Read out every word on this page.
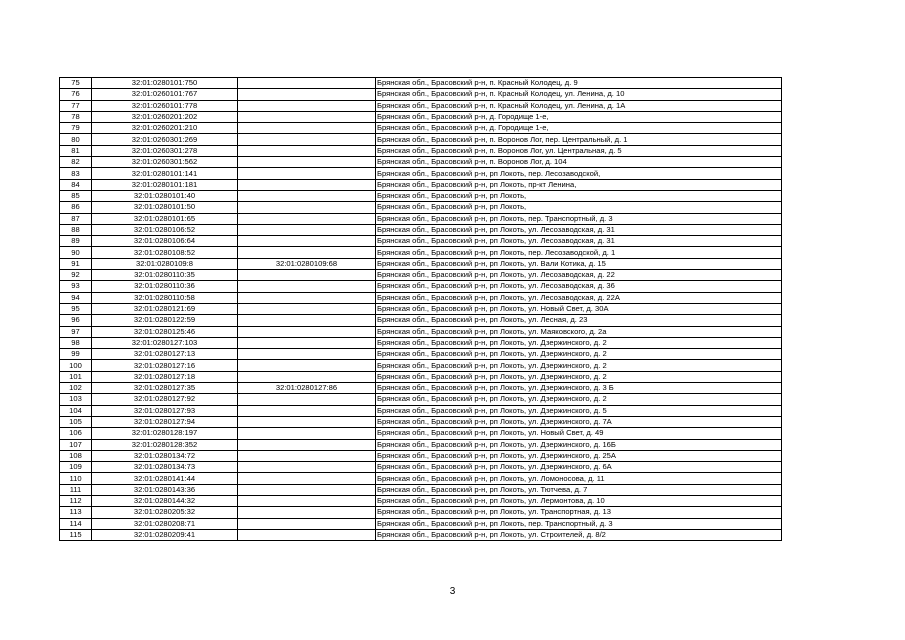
75	32:01:0280101:750		Брянская обл., Брасовский р-н, п. Красный Колодец, д. 9
76	32:01:0260101:767		Брянская обл., Брасовский р-н, п. Красный Колодец, ул. Ленина, д. 10
77	32:01:0260101:778		Брянская обл., Брасовский р-н, п. Красный Колодец, ул. Ленина, д. 1А
78	32:01:0260201:202		Брянская обл., Брасовский р-н, д. Городище 1-е,
79	32:01:0260201:210		Брянская обл., Брасовский р-н, д. Городище 1-е,
80	32:01:0260301:269		Брянская обл., Брасовский р-н, п. Воронов Лог, пер. Центральный, д. 1
81	32:01:0260301:278		Брянская обл., Брасовский р-н, п. Воронов Лог, ул. Центральная, д. 5
82	32:01:0260301:562		Брянская обл., Брасовский р-н, п. Воронов Лог, д. 104
83	32:01:0280101:141		Брянская обл., Брасовский р-н, рп Локоть, пер. Лесозаводской,
84	32:01:0280101:181		Брянская обл., Брасовский р-н, рп Локоть, пр-кт Ленина,
85	32:01:0280101:40		Брянская обл., Брасовский р-н, рп Локоть,
86	32:01:0280101:50		Брянская обл., Брасовский р-н, рп Локоть,
87	32:01:0280101:65		Брянская обл., Брасовский р-н, рп Локоть, пер. Транспортный, д. 3
88	32:01:0280106:52		Брянская обл., Брасовский р-н, рп Локоть, ул. Лесозаводская, д. 31
89	32:01:0280106:64		Брянская обл., Брасовский р-н, рп Локоть, ул. Лесозаводская, д. 31
90	32:01:0280108:52		Брянская обл., Брасовский р-н, рп Локоть, пер. Лесозаводской, д. 1
91	32:01:0280109:8	32:01:0280109:68	Брянская обл., Брасовский р-н, рп Локоть, ул. Вали Котика, д. 15
92	32:01:0280110:35		Брянская обл., Брасовский р-н, рп Локоть, ул. Лесозаводская, д. 22
93	32:01:0280110:36		Брянская обл., Брасовский р-н, рп Локоть, ул. Лесозаводская, д. 36
94	32:01:0280110:58		Брянская обл., Брасовский р-н, рп Локоть, ул. Лесозаводская, д. 22А
95	32:01:0280121:69		Брянская обл., Брасовский р-н, рп Локоть, ул. Новый Свет, д. 30А
96	32:01:0280122:59		Брянская обл., Брасовский р-н, рп Локоть, ул. Лесная, д. 23
97	32:01:0280125:46		Брянская обл., Брасовский р-н, рп Локоть, ул. Маяковского, д. 2а
98	32:01:0280127:103		Брянская обл., Брасовский р-н, рп Локоть, ул. Дзержинского, д. 2
99	32:01:0280127:13		Брянская обл., Брасовский р-н, рп Локоть, ул. Дзержинского, д. 2
100	32:01:0280127:16		Брянская обл., Брасовский р-н, рп Локоть, ул. Дзержинского, д. 2
101	32:01:0280127:18		Брянская обл., Брасовский р-н, рп Локоть, ул. Дзержинского, д. 2
102	32:01:0280127:35	32:01:0280127:86	Брянская обл., Брасовский р-н, рп Локоть, ул. Дзержинского, д. 3 Б
103	32:01:0280127:92		Брянская обл., Брасовский р-н, рп Локоть, ул. Дзержинского, д. 2
104	32:01:0280127:93		Брянская обл., Брасовский р-н, рп Локоть, ул. Дзержинского, д. 5
105	32:01:0280127:94		Брянская обл., Брасовский р-н, рп Локоть, ул. Дзержинского, д. 7А
106	32:01:0280128:197		Брянская обл., Брасовский р-н, рп Локоть, ул. Новый Свет, д. 49
107	32:01:0280128:352		Брянская обл., Брасовский р-н, рп Локоть, ул. Дзержинского, д. 16Б
108	32:01:0280134:72		Брянская обл., Брасовский р-н, рп Локоть, ул. Дзержинского, д. 25А
109	32:01:0280134:73		Брянская обл., Брасовский р-н, рп Локоть, ул. Дзержинского, д. 6А
110	32:01:0280141:44		Брянская обл., Брасовский р-н, рп Локоть, ул. Ломоносова, д. 11
111	32:01:0280143:36		Брянская обл., Брасовский р-н, рп Локоть, ул. Тютчева, д. 7
112	32:01:0280144:32		Брянская обл., Брасовский р-н, рп Локоть, ул. Лермонтова, д. 10
113	32:01:0280205:32		Брянская обл., Брасовский р-н, рп Локоть, ул. Транспортная, д. 13
114	32:01:0280208:71		Брянская обл., Брасовский р-н, рп Локоть, пер. Транспортный, д. 3
115	32:01:0280209:41		Брянская обл., Брасовский р-н, рп Локоть, ул. Строителей, д. 8/2
3
